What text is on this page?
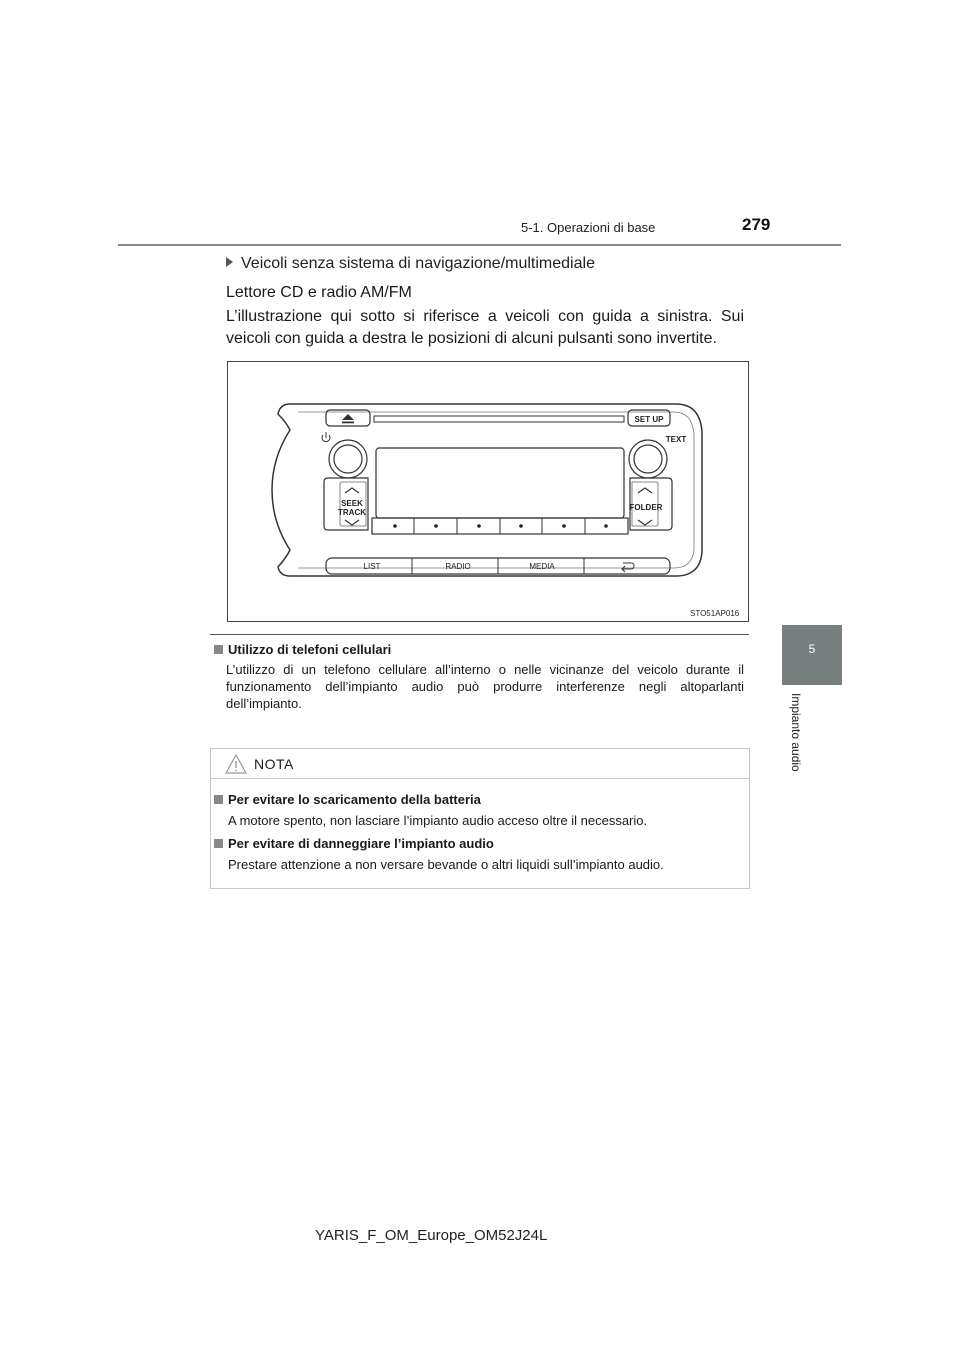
5-1. Operazioni di base	279
5
Impianto audio
Veicoli senza sistema di navigazione/multimediale
Lettore CD e radio AM/FM
L’illustrazione qui sotto si riferisce a veicoli con guida a sinistra. Sui veicoli con guida a destra le posizioni di alcuni pulsanti sono invertite.
SET UP
TEXT
SEEK
TRACK
FOLDER
LIST	RADIO	MEDIA
STO51AP016
Utilizzo di telefoni cellulari
L’utilizzo di un telefono cellulare all’interno o nelle vicinanze del veicolo durante il funzionamento dell’impianto audio può produrre interferenze negli altoparlanti dell’impianto.
NOTA
Per evitare lo scaricamento della batteria
A motore spento, non lasciare l’impianto audio acceso oltre il necessario.
Per evitare di danneggiare l’impianto audio
Prestare attenzione a non versare bevande o altri liquidi sull’impianto audio.
YARIS_F_OM_Europe_OM52J24L
